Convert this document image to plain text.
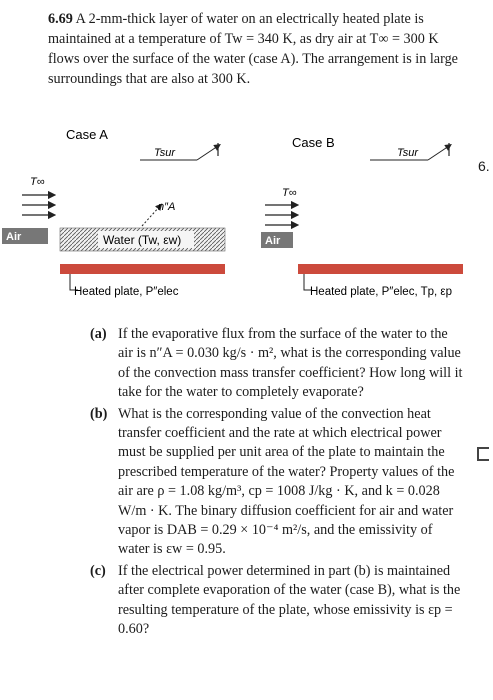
6.69 A 2-mm-thick layer of water on an electrically heated plate is maintained at a temperature of Tw = 340 K, as dry air at T∞ = 300 K flows over the surface of the water (case A). The arrangement is in large surroundings that are also at 300 K.

Case A
Tsur
T∞
n″A
Air	Water (Tw, εw)
Heated plate, P″elec
Case B
Tsur
T∞
Air
Heated plate, P″elec, Tp, εp

(a) If the evaporative flux from the surface of the water to the air is n″A = 0.030 kg/s · m², what is the corresponding value of the convection mass transfer coefficient? How long will it take for the water to completely evaporate?

(b) What is the corresponding value of the convection heat transfer coefficient and the rate at which electrical power must be supplied per unit area of the plate to maintain the prescribed temperature of the water? Property values of the air are ρ = 1.08 kg/m³, cp = 1008 J/kg · K, and k = 0.028 W/m · K. The binary diffusion coefficient for air and water vapor is DAB = 0.29 × 10⁻⁴ m²/s, and the emissivity of water is εw = 0.95.

(c) If the electrical power determined in part (b) is maintained after complete evaporation of the water (case B), what is the resulting temperature of the plate, whose emissivity is εp = 0.60?

6.
